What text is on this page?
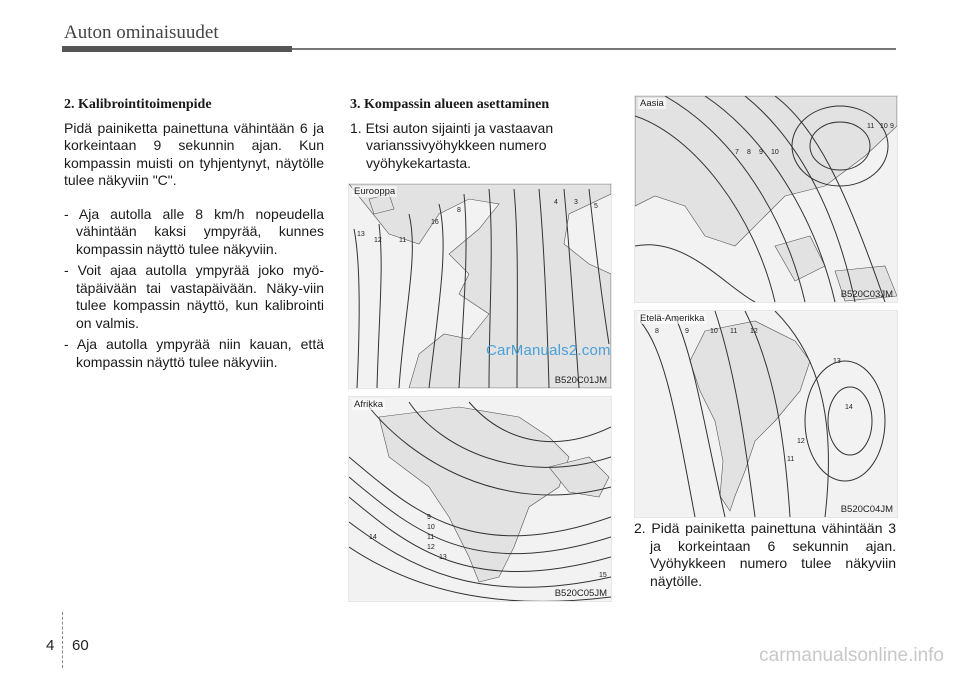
Auton ominaisuudet

2. Kalibrointitoimenpide

Pidä painiketta painettuna vähintään 6 ja korkeintaan 9 sekunnin ajan. Kun kompassin muisti on tyhjentynyt, näytölle tulee näkyviin "C".

- Aja autolla alle 8 km/h nopeudella vähintään kaksi ympyrää, kunnes kompassin näyttö tulee näkyviin.

- Voit ajaa autolla ympyrää joko myö-täpäivään tai vastapäivään. Näky-viin tulee kompassin näyttö, kun kalibrointi on valmis.

- Aja autolla ympyrää niin kauan, että kompassin näyttö tulee näkyviin.

3. Kompassin alueen asettaminen

1. Etsi auton sijainti ja vastaavan varianssivyöhykkeen numero vyöhykekartasta.

13
12 11
16
8
4 3
5
Eurooppa
B520C01JM
9
10
11
12
14
13
15
Afrikka
B520C05JM
7 8 9 10
11 10 9
Aasia
B520C03JM
8	9	10 11 12
13
14
12
11
Etelä-Amerikka
B520C04JM

2. Pidä painiketta painettuna vähintään 3 ja korkeintaan 6 sekunnin ajan. Vyöhykkeen numero tulee näkyviin näytölle.

CarManuals2.com
4 60	carmanualsonline.info
